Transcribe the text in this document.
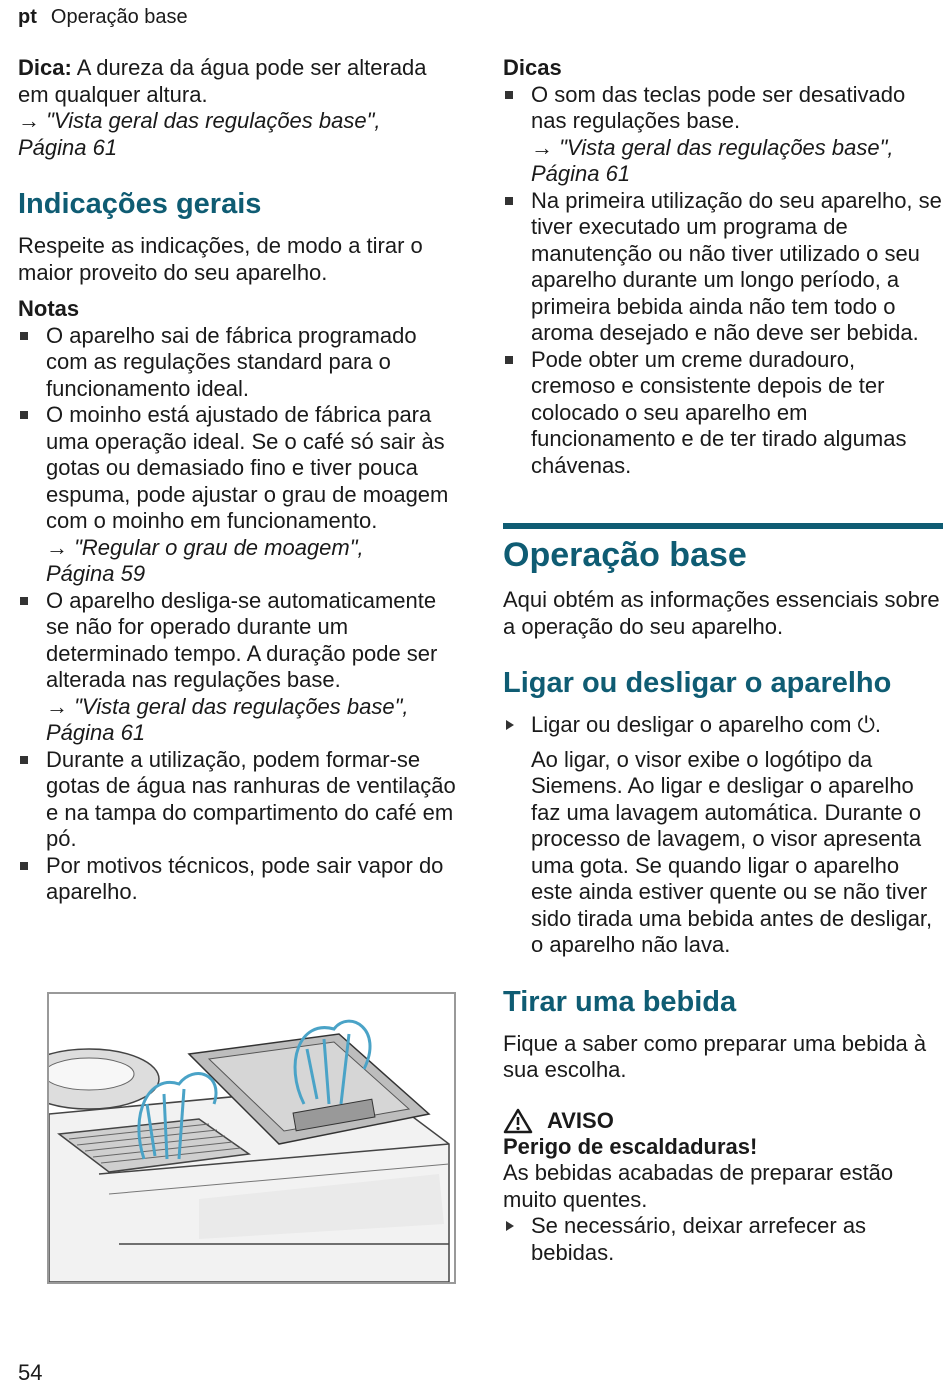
pt Operação base

Dica: A dureza da água pode ser alterada em qualquer altura.

→ "Vista geral das regulações base",
Página 61

Indicações gerais

Respeite as indicações, de modo a tirar o maior proveito do seu aparelho.

Notas
O aparelho sai de fábrica programado com as regulações standard para o funcionamento ideal.
O moinho está ajustado de fábrica para uma operação ideal. Se o café só sair às gotas ou demasiado fino e tiver pouca espuma, pode ajustar o grau de moagem com o moinho em funcionamento.
→ "Regular o grau de moagem",
Página 59
O aparelho desliga-se automaticamente se não for operado durante um determinado tempo. A duração pode ser alterada nas regulações base.
→ "Vista geral das regulações base",
Página 61
Durante a utilização, podem formar-se gotas de água nas ranhuras de ventilação e na tampa do compartimento do café em pó.
Por motivos técnicos, pode sair vapor do aparelho.
Dicas
O som das teclas pode ser desativado nas regulações base.
→ "Vista geral das regulações base",
Página 61
Na primeira utilização do seu aparelho, se tiver executado um programa de manutenção ou não tiver utilizado o seu aparelho durante um longo período, a primeira bebida ainda não tem todo o aroma desejado e não deve ser bebida.
Pode obter um creme duradouro, cremoso e consistente depois de ter colocado o seu aparelho em funcionamento e de ter tirado algumas chávenas.
Operação base

Aqui obtém as informações essenciais sobre a operação do seu aparelho.

Ligar ou desligar o aparelho
Ligar ou desligar o aparelho com ⏻.

Ao ligar, o visor exibe o logótipo da Siemens. Ao ligar e desligar o aparelho faz uma lavagem automática. Durante o processo de lavagem, o visor apresenta uma gota. Se quando ligar o aparelho este ainda estiver quente ou se não tiver sido tirada uma bebida antes de desligar, o aparelho não lava.

Tirar uma bebida

Fique a saber como preparar uma bebida à sua escolha.

AVISO
Perigo de escaldaduras!

As bebidas acabadas de preparar estão muito quentes.

Se necessário, deixar arrefecer as bebidas.
54
